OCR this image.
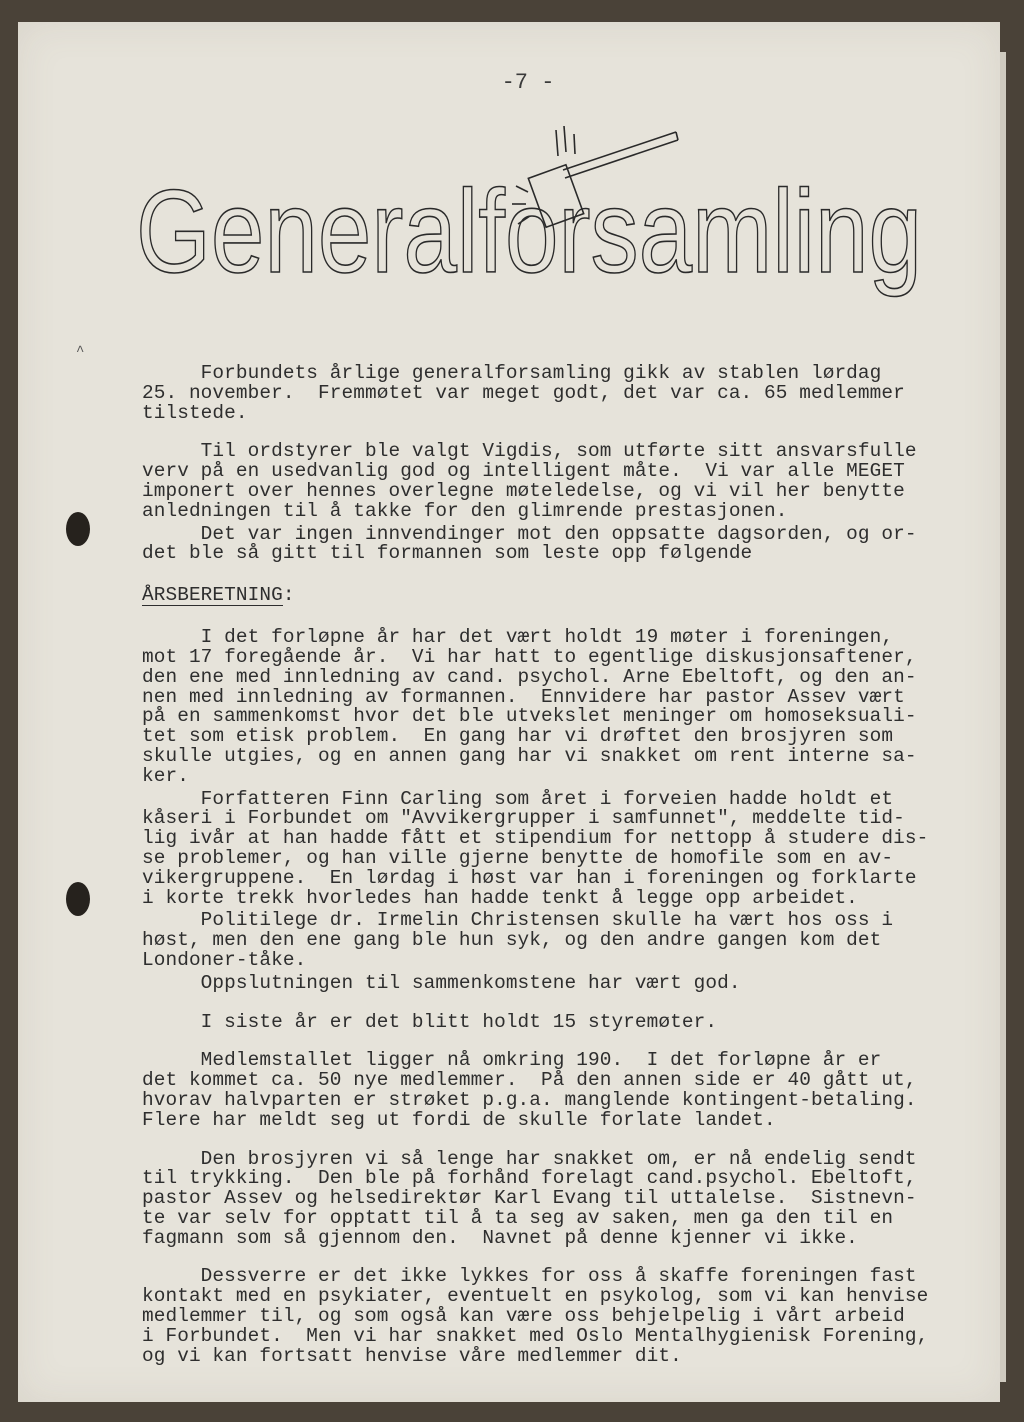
^
-7 -
Generalforsamling

Forbundets årlige generalforsamling gikk av stablen lørdag

25. november.  Fremmøtet var meget godt, det var ca. 65 medlemmer

tilstede.

Til ordstyrer ble valgt Vigdis, som utførte sitt ansvarsfulle

verv på en usedvanlig god og intelligent måte.  Vi var alle MEGET

imponert over hennes overlegne møteledelse, og vi vil her benytte

anledningen til å takke for den glimrende prestasjonen.

Det var ingen innvendinger mot den oppsatte dagsorden, og or-

det ble så gitt til formannen som leste opp følgende

ÅRSBERETNING:

I det forløpne år har det vært holdt 19 møter i foreningen,

mot 17 foregående år.  Vi har hatt to egentlige diskusjonsaftener,

den ene med innledning av cand. psychol. Arne Ebeltoft, og den an-

nen med innledning av formannen.  Ennvidere har pastor Assev vært

på en sammenkomst hvor det ble utvekslet meninger om homoseksuali-

tet som etisk problem.  En gang har vi drøftet den brosjyren som

skulle utgies, og en annen gang har vi snakket om rent interne sa-

ker.

Forfatteren Finn Carling som året i forveien hadde holdt et

kåseri i Forbundet om "Avvikergrupper i samfunnet", meddelte tid-

lig ivår at han hadde fått et stipendium for nettopp å studere dis-

se problemer, og han ville gjerne benytte de homofile som en av-

vikergruppene.  En lørdag i høst var han i foreningen og forklarte

i korte trekk hvorledes han hadde tenkt å legge opp arbeidet.

Politilege dr. Irmelin Christensen skulle ha vært hos oss i

høst, men den ene gang ble hun syk, og den andre gangen kom det

Londoner-tåke.

Oppslutningen til sammenkomstene har vært god.

I siste år er det blitt holdt 15 styremøter.

Medlemstallet ligger nå omkring 190.  I det forløpne år er

det kommet ca. 50 nye medlemmer.  På den annen side er 40 gått ut,

hvorav halvparten er strøket p.g.a. manglende kontingent-betaling.

Flere har meldt seg ut fordi de skulle forlate landet.

Den brosjyren vi så lenge har snakket om, er nå endelig sendt

til trykking.  Den ble på forhånd forelagt cand.psychol. Ebeltoft,

pastor Assev og helsedirektør Karl Evang til uttalelse.  Sistnevn-

te var selv for opptatt til å ta seg av saken, men ga den til en

fagmann som så gjennom den.  Navnet på denne kjenner vi ikke.

Dessverre er det ikke lykkes for oss å skaffe foreningen fast

kontakt med en psykiater, eventuelt en psykolog, som vi kan henvise

medlemmer til, og som også kan være oss behjelpelig i vårt arbeid

i Forbundet.  Men vi har snakket med Oslo Mentalhygienisk Forening,

og vi kan fortsatt henvise våre medlemmer dit.
